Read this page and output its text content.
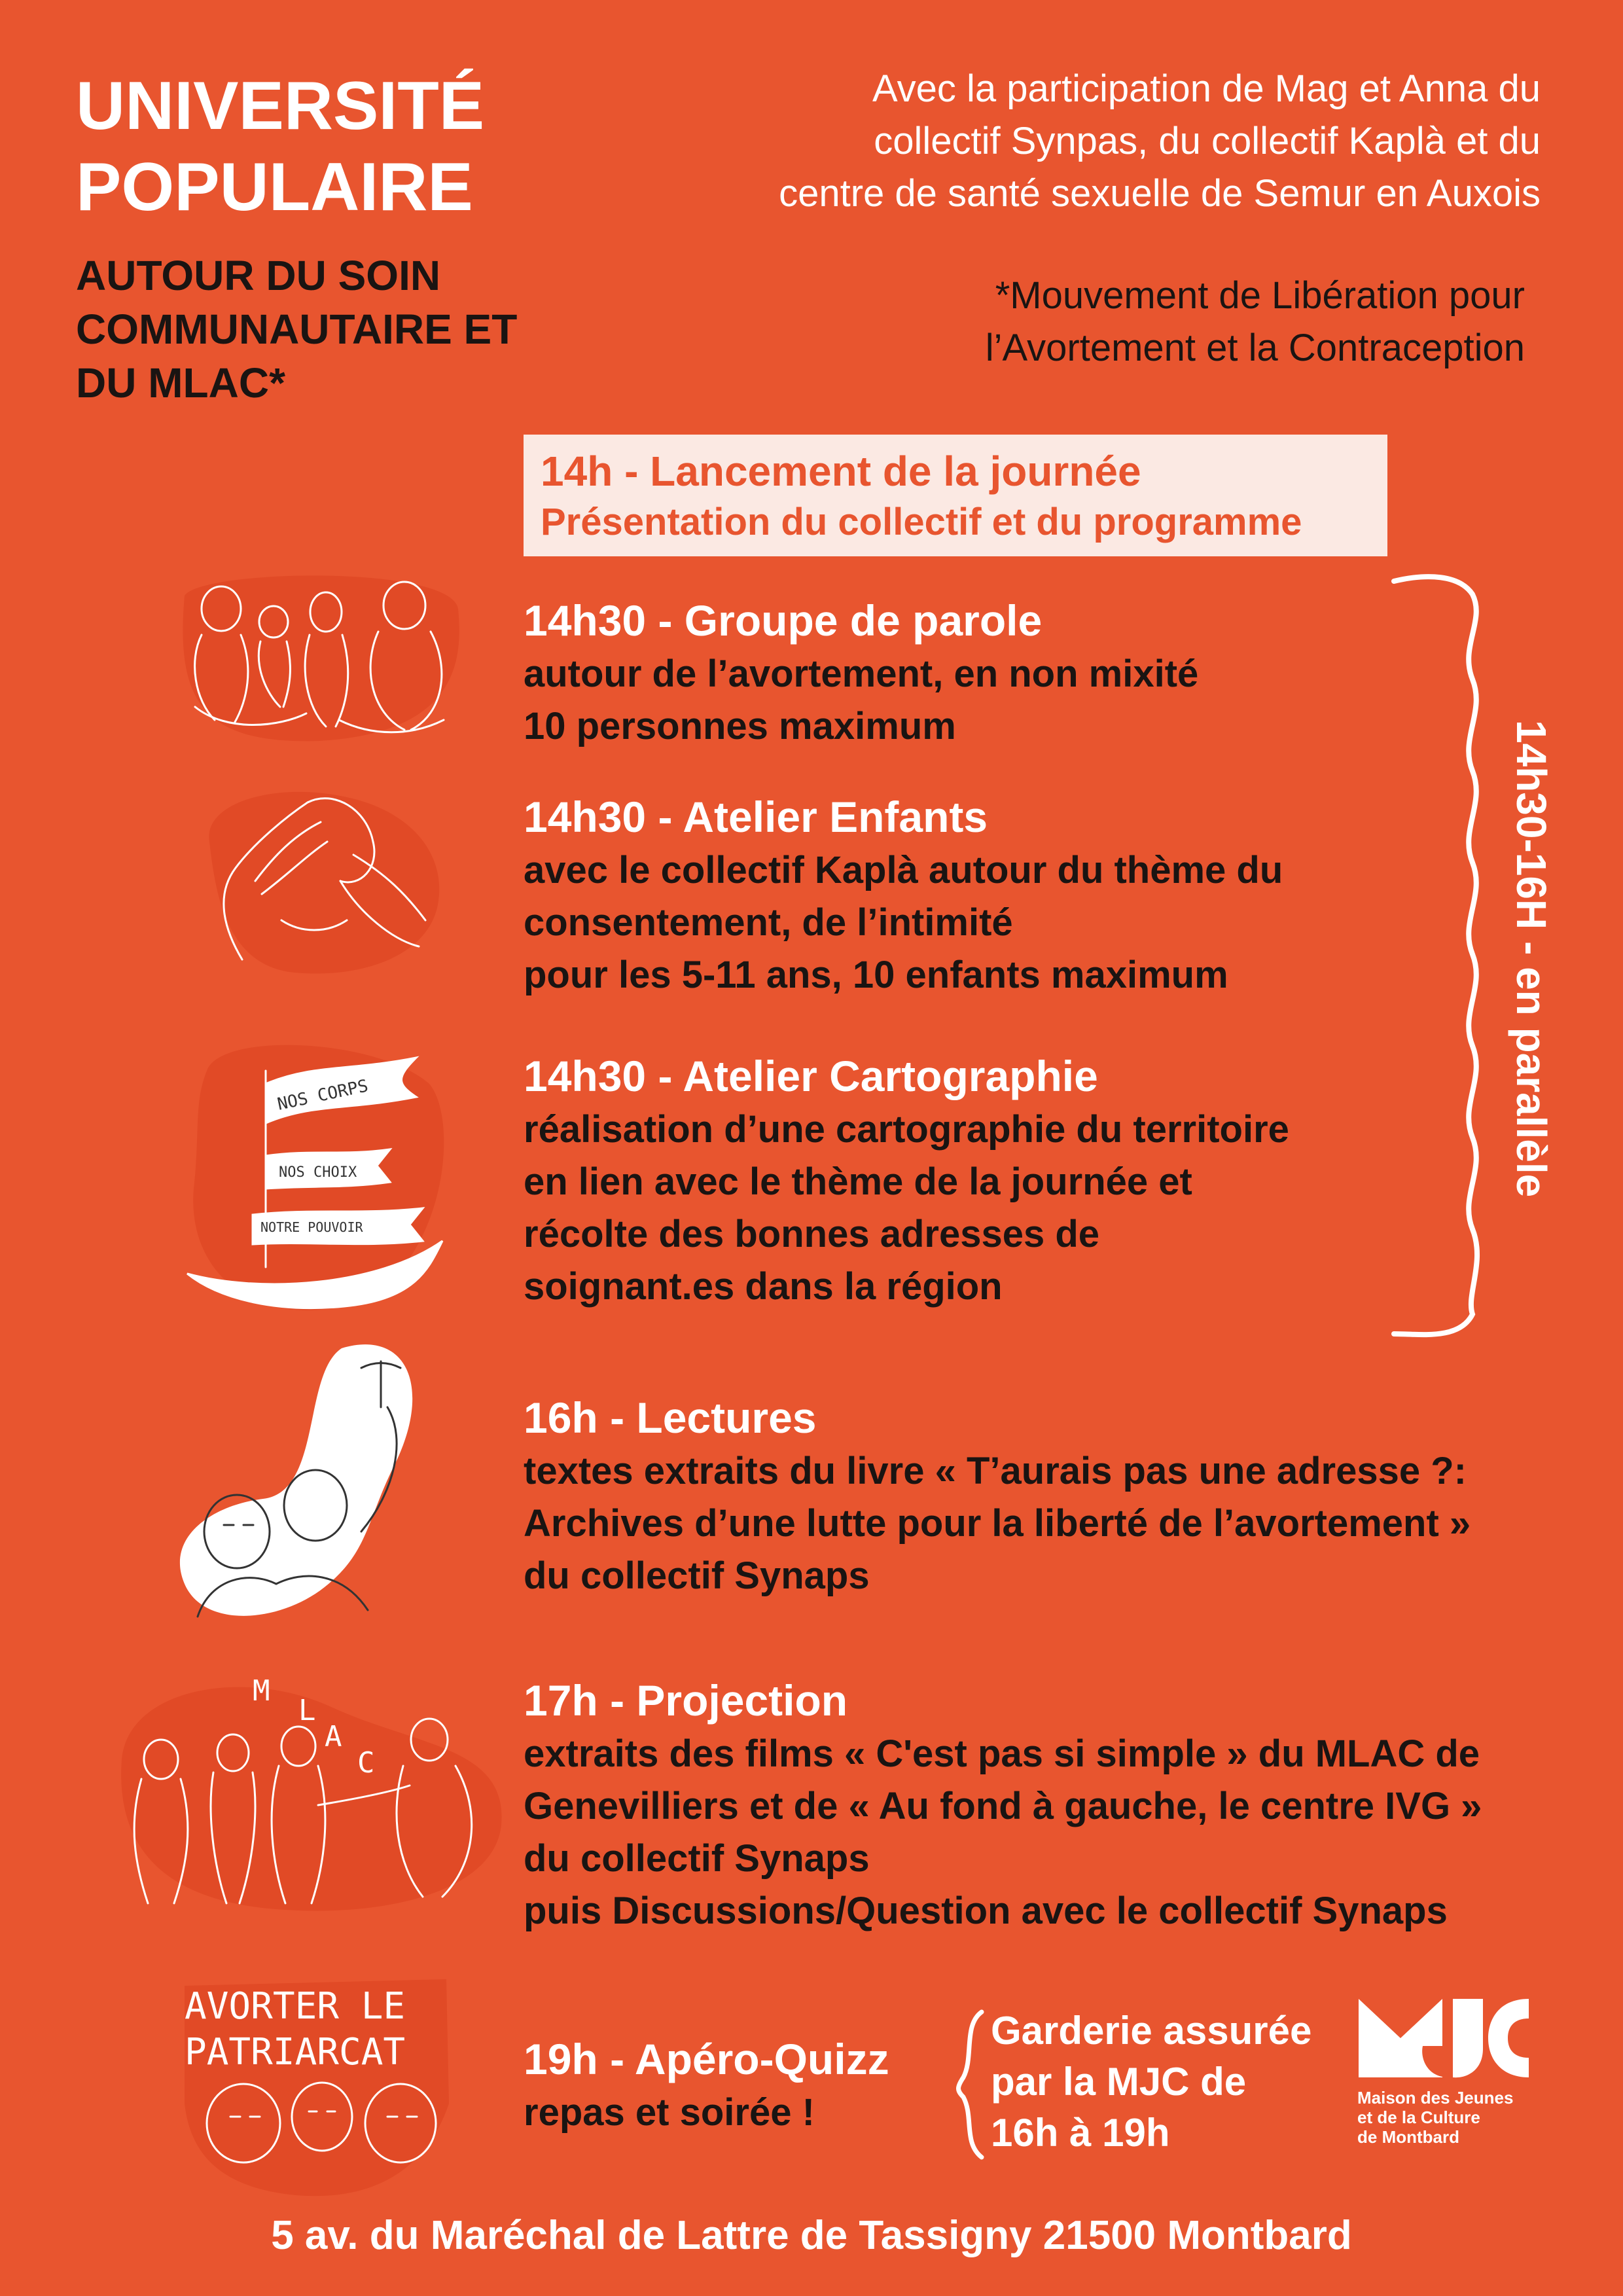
UNIVERSITÉ
POPULAIRE
AUTOUR DU SOIN
COMMUNAUTAIRE ET
DU MLAC*
Avec la participation de Mag et Anna du
collectif Synpas, du collectif Kaplà et du
centre de santé sexuelle de Semur en Auxois
*Mouvement de Libération pour
l’Avortement et la Contraception
14h - Lancement de la journée
Présentation du collectif et du programme
14h30 - Groupe de parole
autour de l’avortement, en non mixité
10 personnes maximum
14h30 - Atelier Enfants
avec le collectif Kaplà autour du thème du
consentement, de l’intimité
pour les 5-11 ans, 10 enfants maximum
14h30 - Atelier Cartographie
réalisation d’une cartographie du territoire
en lien avec le thème de la journée et
récolte des bonnes adresses de
soignant.es dans la région
16h - Lectures
textes extraits du livre « T’aurais pas une adresse ?:
Archives d’une lutte pour la liberté de l’avortement »
du collectif Synaps
17h - Projection
extraits des films « C'est pas si simple » du MLAC de
Genevilliers et de « Au fond à gauche, le centre IVG »
du collectif Synaps
puis Discussions/Question avec le collectif Synaps
19h - Apéro-Quizz
repas et soirée !
14h30-16H - en parallèle
Garderie assurée
par la MJC de
16h à 19h
Maison des Jeunes
et de la Culture
de Montbard
5 av. du Maréchal de Lattre de Tassigny 21500 Montbard
NOS CORPS
NOS CHOIX
NOTRE POUVOIR
M
L
A
C
AVORTER LE
PATRIARCAT
